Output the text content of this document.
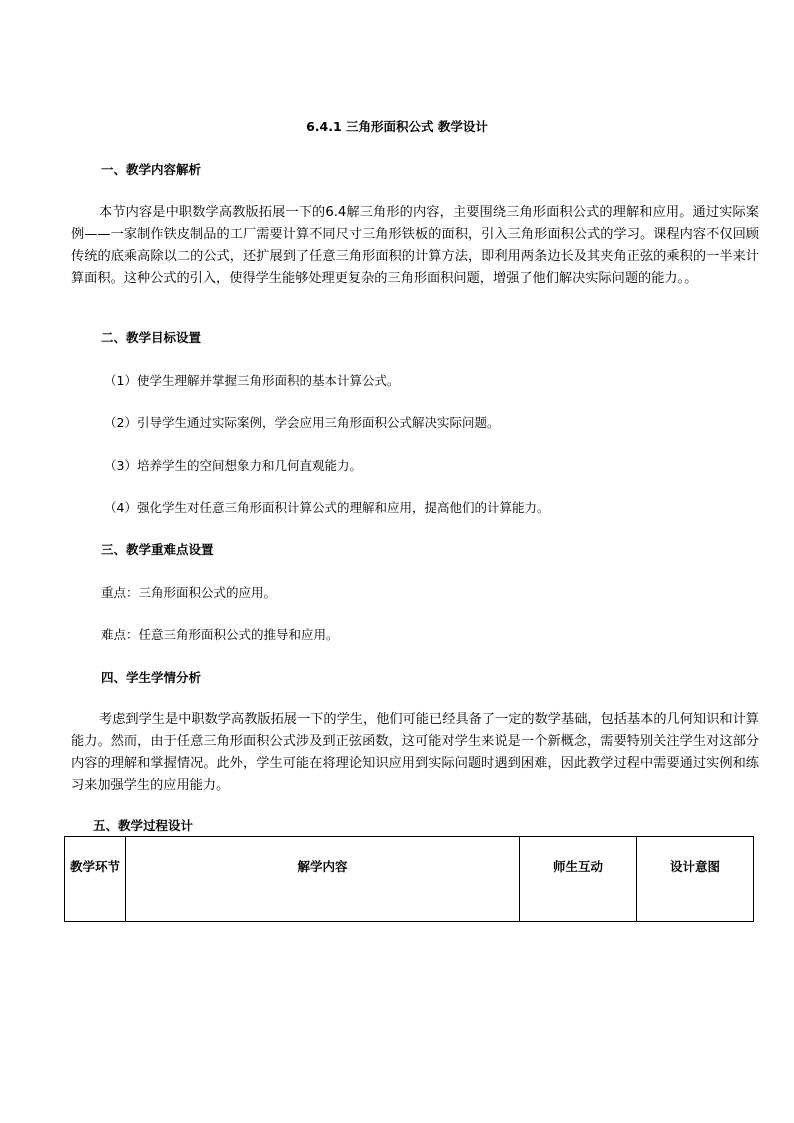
6.4.1 三角形面积公式 教学设计
一、教学内容解析
本节内容是中职数学高教版拓展一下的6.4解三角形的内容，主要围绕三角形面积公式的理解和应用。通过实际案例——一家制作铁皮制品的工厂需要计算不同尺寸三角形铁板的面积，引入三角形面积公式的学习。课程内容不仅回顾传统的底乘高除以二的公式，还扩展到了任意三角形面积的计算方法，即利用两条边长及其夹角正弦的乘积的一半来计算面积。这种公式的引入，使得学生能够处理更复杂的三角形面积问题，增强了他们解决实际问题的能力。。
二、教学目标设置
（1）使学生理解并掌握三角形面积的基本计算公式。
（2）引导学生通过实际案例，学会应用三角形面积公式解决实际问题。
（3）培养学生的空间想象力和几何直观能力。
（4）强化学生对任意三角形面积计算公式的理解和应用，提高他们的计算能力。
三、教学重难点设置
重点：三角形面积公式的应用。
难点：任意三角形面积公式的推导和应用。
四、学生学情分析
考虑到学生是中职数学高教版拓展一下的学生，他们可能已经具备了一定的数学基础，包括基本的几何知识和计算能力。然而，由于任意三角形面积公式涉及到正弦函数，这可能对学生来说是一个新概念，需要特别关注学生对这部分内容的理解和掌握情况。此外，学生可能在将理论知识应用到实际问题时遇到困难，因此教学过程中需要通过实例和练习来加强学生的应用能力。
五、教学过程设计
教学环节	解学内容	师生互动	设计意图
